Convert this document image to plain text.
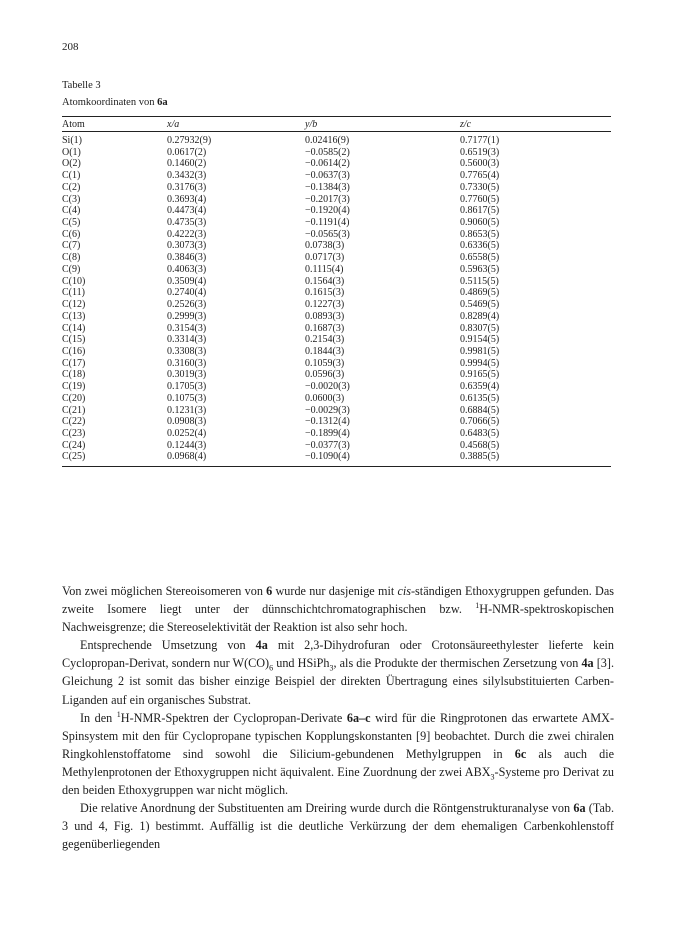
208
Tabelle 3
Atomkoordinaten von 6a
Atom	x/a	y/b	z/c
Si(1)	0.27932(9)	0.02416(9)	0.7177(1)
O(1)	0.0617(2)	−0.0585(2)	0.6519(3)
O(2)	0.1460(2)	−0.0614(2)	0.5600(3)
C(1)	0.3432(3)	−0.0637(3)	0.7765(4)
C(2)	0.3176(3)	−0.1384(3)	0.7330(5)
C(3)	0.3693(4)	−0.2017(3)	0.7760(5)
C(4)	0.4473(4)	−0.1920(4)	0.8617(5)
C(5)	0.4735(3)	−0.1191(4)	0.9060(5)
C(6)	0.4222(3)	−0.0565(3)	0.8653(5)
C(7)	0.3073(3)	0.0738(3)	0.6336(5)
C(8)	0.3846(3)	0.0717(3)	0.6558(5)
C(9)	0.4063(3)	0.1115(4)	0.5963(5)
C(10)	0.3509(4)	0.1564(3)	0.5115(5)
C(11)	0.2740(4)	0.1615(3)	0.4869(5)
C(12)	0.2526(3)	0.1227(3)	0.5469(5)
C(13)	0.2999(3)	0.0893(3)	0.8289(4)
C(14)	0.3154(3)	0.1687(3)	0.8307(5)
C(15)	0.3314(3)	0.2154(3)	0.9154(5)
C(16)	0.3308(3)	0.1844(3)	0.9981(5)
C(17)	0.3160(3)	0.1059(3)	0.9994(5)
C(18)	0.3019(3)	0.0596(3)	0.9165(5)
C(19)	0.1705(3)	−0.0020(3)	0.6359(4)
C(20)	0.1075(3)	0.0600(3)	0.6135(5)
C(21)	0.1231(3)	−0.0029(3)	0.6884(5)
C(22)	0.0908(3)	−0.1312(4)	0.7066(5)
C(23)	0.0252(4)	−0.1899(4)	0.6483(5)
C(24)	0.1244(3)	−0.0377(3)	0.4568(5)
C(25)	0.0968(4)	−0.1090(4)	0.3885(5)

Von zwei möglichen Stereoisomeren von 6 wurde nur dasjenige mit cis-ständigen Ethoxygruppen gefunden. Das zweite Isomere liegt unter der dünnschichtchromatographischen bzw. $^1$H-NMR-spektroskopischen Nachweisgrenze; die Stereoselektivität der Reaktion ist also sehr hoch.

Entsprechende Umsetzung von 4a mit 2,3-Dihydrofuran oder Crotonsäureethylester lieferte kein Cyclopropan-Derivat, sondern nur $W(CO)_6$ und HSiPh$_3$, als die Produkte der thermischen Zersetzung von 4a [3]. Gleichung 2 ist somit das bisher einzige Beispiel der direkten Übertragung eines silylsubstituierten Carben-Liganden auf ein organisches Substrat.

In den $^1$H-NMR-Spektren der Cyclopropan-Derivate 6a–c wird für die Ringprotonen das erwartete AMX-Spinsystem mit den für Cyclopropane typischen Kopplungskonstanten [9] beobachtet. Durch die zwei chiralen Ringkohlenstoffatome sind sowohl die Silicium-gebundenen Methylgruppen in 6c als auch die Methylenprotonen der Ethoxygruppen nicht äquivalent. Eine Zuordnung der zwei $ABX_3$-Systeme pro Derivat zu den beiden Ethoxygruppen war nicht möglich.

Die relative Anordnung der Substituenten am Dreiring wurde durch die Röntgenstrukturanalyse von 6a (Tab. 3 und 4, Fig. 1) bestimmt. Auffällig ist die deutliche Verkürzung der dem ehemaligen Carbenkohlenstoff gegenüberliegenden
